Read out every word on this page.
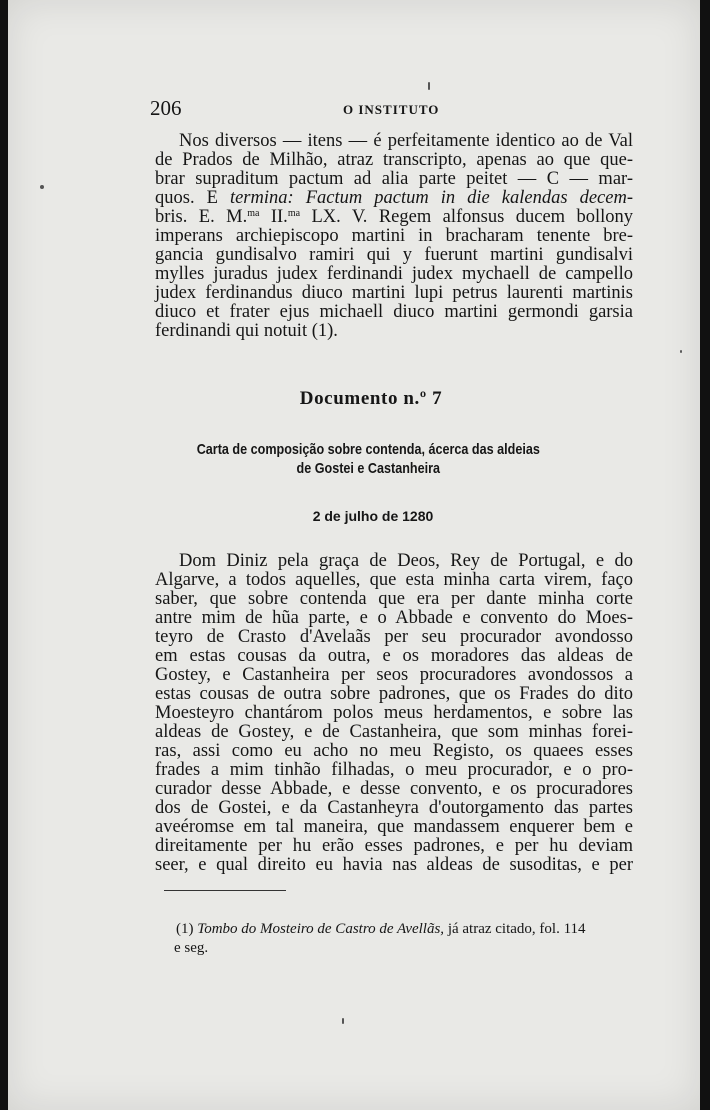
206	O INSTITUTO
Nos diversos — itens — é perfeitamente identico ao de Val
de Prados de Milhão, atraz transcripto, apenas ao que que-
brar supraditum pactum ad alia parte peitet — C — mar-
quos. E termina: Factum pactum in die kalendas decem-
bris. E. M.$^{ma}$ II.$^{ma}$ LX. V. Regem alfonsus ducem bollony
imperans archiepiscopo martini in bracharam tenente bre-
gancia gundisalvo ramiri qui y fuerunt martini gundisalvi
mylles juradus judex ferdinandi judex mychaell de campello
judex ferdinandus diuco martini lupi petrus laurenti martinis
diuco et frater ejus michaell diuco martini germondi garsia
ferdinandi qui notuit (1).
Documento n.º 7
Carta de composição sobre contenda, ácerca das aldeias
de Gostei e Castanheira
2 de julho de 1280
Dom Diniz pela graça de Deos, Rey de Portugal, e do
Algarve, a todos aquelles, que esta minha carta virem, faço
saber, que sobre contenda que era per dante minha corte
antre mim de hũa parte, e o Abbade e convento do Moes-
teyro de Crasto d'Avelaãs per seu procurador avondosso
em estas cousas da outra, e os moradores das aldeas de
Gostey, e Castanheira per seos procuradores avondossos a
estas cousas de outra sobre padrones, que os Frades do dito
Moesteyro chantárom polos meus herdamentos, e sobre las
aldeas de Gostey, e de Castanheira, que som minhas forei-
ras, assi como eu acho no meu Registo, os quaees esses
frades a mim tinhão filhadas, o meu procurador, e o pro-
curador desse Abbade, e desse convento, e os procuradores
dos de Gostei, e da Castanheyra d'outorgamento das partes
aveéromse em tal maneira, que mandassem enquerer bem e
direitamente per hu erão esses padrones, e per hu deviam
seer, e qual direito eu havia nas aldeas de susoditas, e per
(1) Tombo do Mosteiro de Castro de Avellãs, já atraz citado, fol. 114
e seg.
